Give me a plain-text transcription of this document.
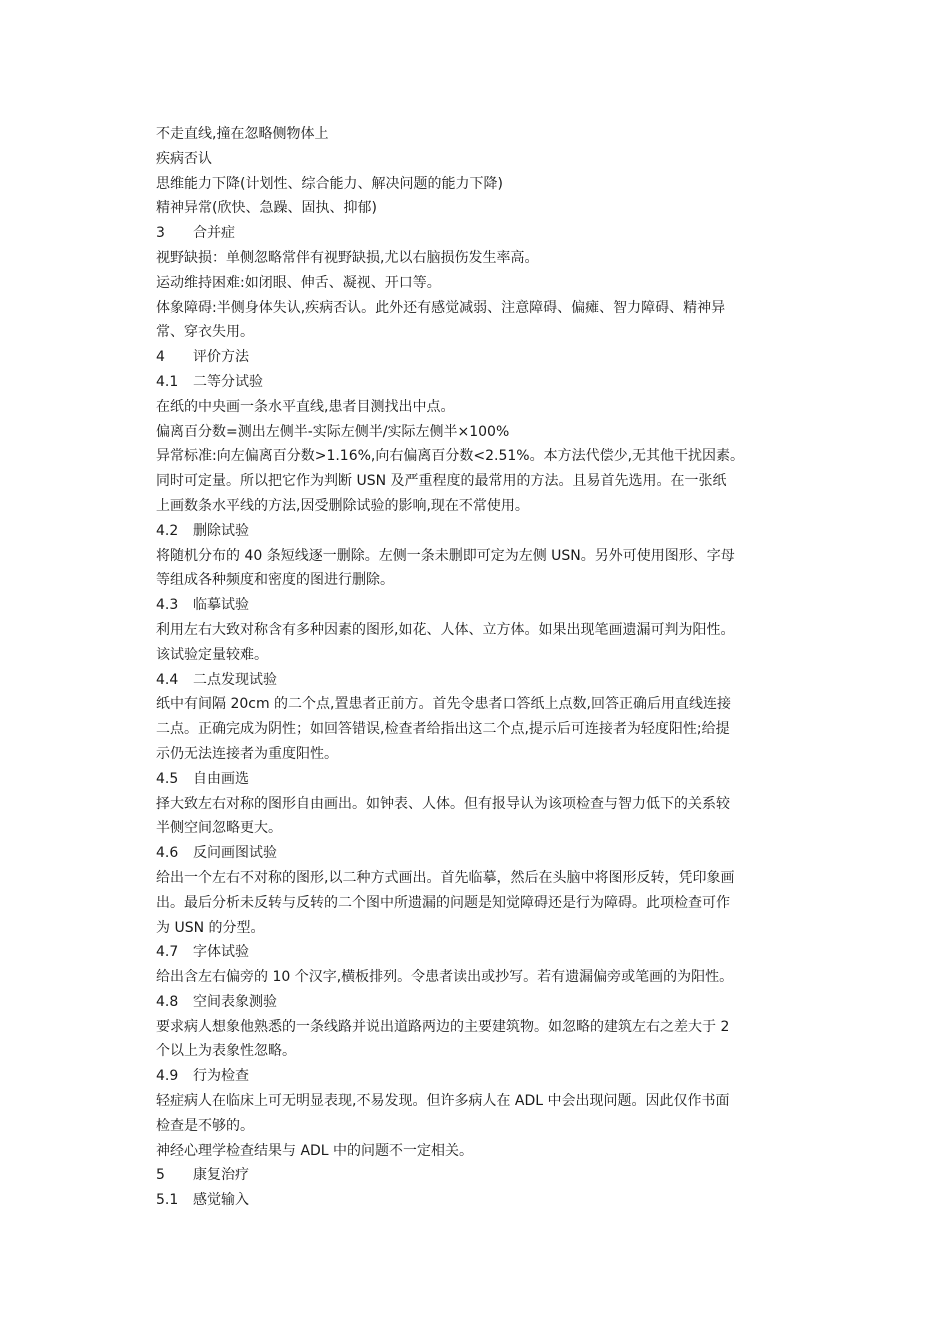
不走直线,撞在忽略侧物体上
疾病否认
思维能力下降(计划性、综合能力、解决问题的能力下降)
精神异常(欣快、急躁、固执、抑郁)
3 合并症
视野缺损：单侧忽略常伴有视野缺损,尤以右脑损伤发生率高。
运动维持困难:如闭眼、伸舌、凝视、开口等。
体象障碍:半侧身体失认,疾病否认。此外还有感觉减弱、注意障碍、偏瘫、智力障碍、精神异
常、穿衣失用。
4 评价方法
4.1 二等分试验
在纸的中央画一条水平直线,患者目测找出中点。
偏离百分数=测出左侧半-实际左侧半/实际左侧半×100%
异常标准:向左偏离百分数>1.16%,向右偏离百分数<2.51%。本方法代偿少,无其他干扰因素。
同时可定量。所以把它作为判断 USN 及严重程度的最常用的方法。且易首先选用。在一张纸
上画数条水平线的方法,因受删除试验的影响,现在不常使用。
4.2 删除试验
将随机分布的 40 条短线逐一删除。左侧一条未删即可定为左侧 USN。另外可使用图形、字母
等组成各种频度和密度的图进行删除。
4.3 临摹试验
利用左右大致对称含有多种因素的图形,如花、人体、立方体。如果出现笔画遗漏可判为阳性。
该试验定量较难。
4.4 二点发现试验
纸中有间隔 20cm 的二个点,置患者正前方。首先令患者口答纸上点数,回答正确后用直线连接
二点。正确完成为阴性；如回答错误,检查者给指出这二个点,提示后可连接者为轻度阳性;给提
示仍无法连接者为重度阳性。
4.5 自由画选
择大致左右对称的图形自由画出。如钟表、人体。但有报导认为该项检查与智力低下的关系较
半侧空间忽略更大。
4.6 反问画图试验
给出一个左右不对称的图形,以二种方式画出。首先临摹，然后在头脑中将图形反转，凭印象画
出。最后分析未反转与反转的二个图中所遗漏的问题是知觉障碍还是行为障碍。此项检查可作
为 USN 的分型。
4.7 字体试验
给出含左右偏旁的 10 个汉字,横板排列。令患者读出或抄写。若有遗漏偏旁或笔画的为阳性。
4.8 空间表象测验
要求病人想象他熟悉的一条线路并说出道路两边的主要建筑物。如忽略的建筑左右之差大于 2
个以上为表象性忽略。
4.9 行为检查
轻症病人在临床上可无明显表现,不易发现。但许多病人在 ADL 中会出现问题。因此仅作书面
检查是不够的。
神经心理学检查结果与 ADL 中的问题不一定相关。
5 康复治疗
5.1 感觉输入
